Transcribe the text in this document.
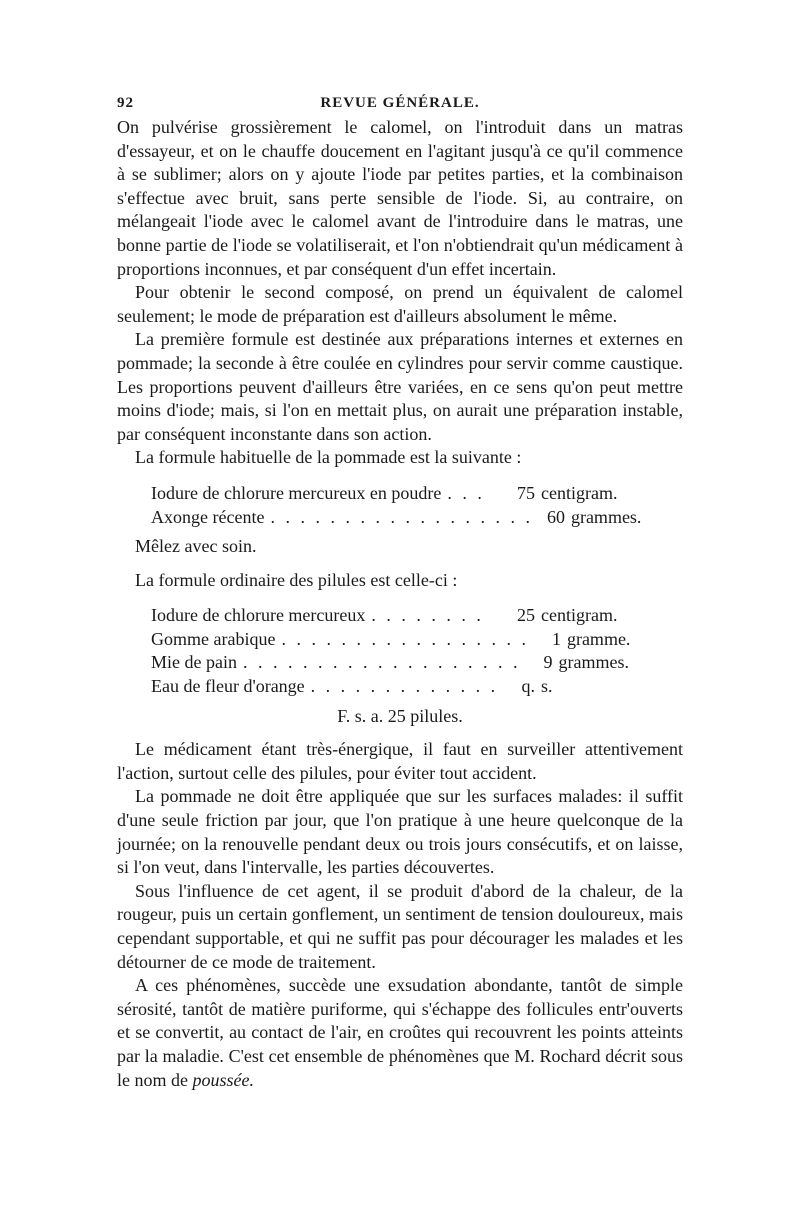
92	REVUE GÉNÉRALE.

On pulvérise grossièrement le calomel, on l'introduit dans un matras d'essayeur, et on le chauffe doucement en l'agitant jusqu'à ce qu'il commence à se sublimer; alors on y ajoute l'iode par petites parties, et la combinaison s'effectue avec bruit, sans perte sensible de l'iode. Si, au contraire, on mélangeait l'iode avec le calomel avant de l'introduire dans le matras, une bonne partie de l'iode se volatiliserait, et l'on n'obtiendrait qu'un médicament à proportions inconnues, et par conséquent d'un effet incertain.

Pour obtenir le second composé, on prend un équivalent de calomel seulement; le mode de préparation est d'ailleurs absolument le même.

La première formule est destinée aux préparations internes et externes en pommade; la seconde à être coulée en cylindres pour servir comme caustique. Les proportions peuvent d'ailleurs être variées, en ce sens qu'on peut mettre moins d'iode; mais, si l'on en mettait plus, on aurait une préparation instable, par conséquent inconstante dans son action.

La formule habituelle de la pommade est la suivante :

Iodure de chlorure mercureux en poudre . . .	75 centigram.
Axonge récente . . . . . . . . . . . . . . . . . . 60 grammes.

Mêlez avec soin.

La formule ordinaire des pilules est celle-ci :

Iodure de chlorure mercureux . . . . . . . .	25 centigram.
Gomme arabique . . . . . . . . . . . . . . . . .	1 gramme.
Mie de pain . . . . . . . . . . . . . . . . . . .	9 grammes.
Eau de fleur d'orange . . . . . . . . . . . . .	q. s.

F. s. a. 25 pilules.

Le médicament étant très-énergique, il faut en surveiller attentivement l'action, surtout celle des pilules, pour éviter tout accident.

La pommade ne doit être appliquée que sur les surfaces malades: il suffit d'une seule friction par jour, que l'on pratique à une heure quelconque de la journée; on la renouvelle pendant deux ou trois jours consécutifs, et on laisse, si l'on veut, dans l'intervalle, les parties découvertes.

Sous l'influence de cet agent, il se produit d'abord de la chaleur, de la rougeur, puis un certain gonflement, un sentiment de tension douloureux, mais cependant supportable, et qui ne suffit pas pour décourager les malades et les détourner de ce mode de traitement.

A ces phénomènes, succède une exsudation abondante, tantôt de simple sérosité, tantôt de matière puriforme, qui s'échappe des follicules entr'ouverts et se convertit, au contact de l'air, en croûtes qui recouvrent les points atteints par la maladie. C'est cet ensemble de phénomènes que M. Rochard décrit sous le nom de poussée.
